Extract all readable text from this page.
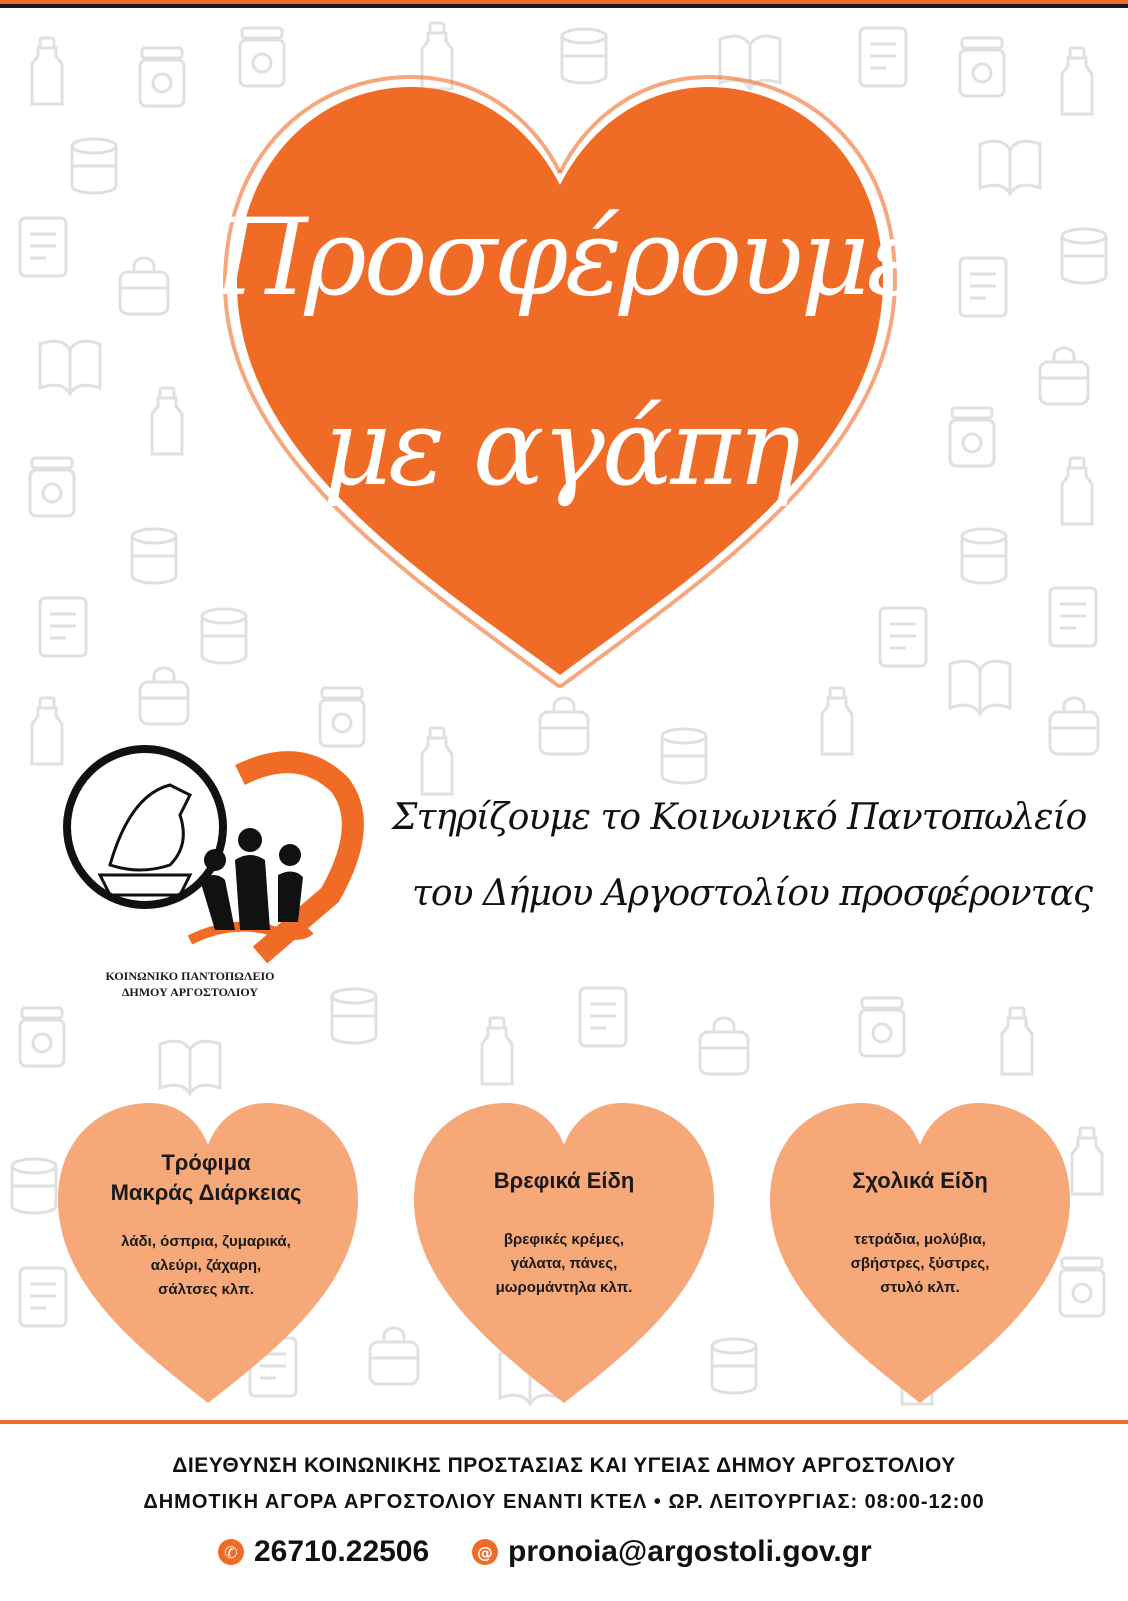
Προσφέρουμε
με αγάπη
ΚΟΙΝΩΝΙΚΟ ΠΑΝΤΟΠΩΛΕΙΟ
ΔΗΜΟΥ ΑΡΓΟΣΤΟΛΙΟΥ
Στηρίζουμε το Κοινωνικό Παντοπωλείο
του Δήμου Αργοστολίου προσφέροντας
Τρόφιμα
Μακράς Διάρκειας
λάδι, όσπρια, ζυμαρικά,
αλεύρι, ζάχαρη,
σάλτσες κλπ.
Βρεφικά Είδη
βρεφικές κρέμες,
γάλατα, πάνες,
μωρομάντηλα κλπ.
Σχολικά Είδη
τετράδια, μολύβια,
σβήστρες, ξύστρες,
στυλό κλπ.
ΔΙΕΥΘΥΝΣΗ ΚΟΙΝΩΝΙΚΗΣ ΠΡΟΣΤΑΣΙΑΣ ΚΑΙ ΥΓΕΙΑΣ ΔΗΜΟΥ ΑΡΓΟΣΤΟΛΙΟΥ
ΔΗΜΟΤΙΚΗ ΑΓΟΡΑ ΑΡΓΟΣΤΟΛΙΟΥ ΕΝΑΝΤΙ ΚΤΕΛ • ΩΡ. ΛΕΙΤΟΥΡΓΙΑΣ: 08:00-12:00
✆ 26710.22506	@ pronoia@argostoli.gov.gr
